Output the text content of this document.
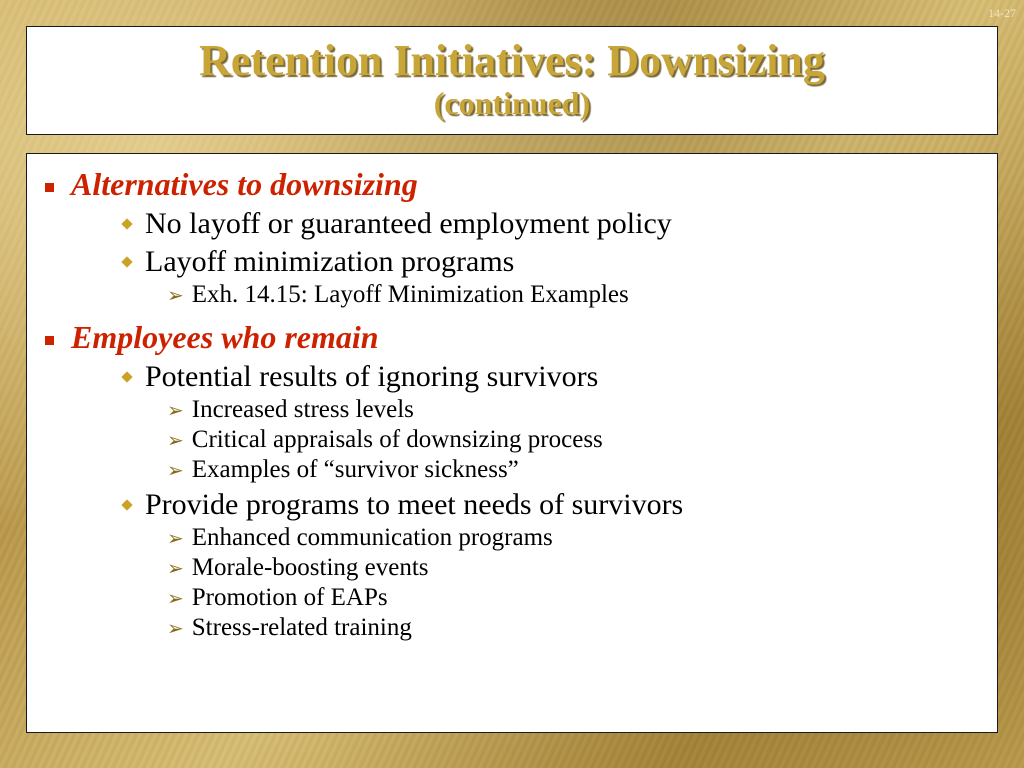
14-27
Retention Initiatives: Downsizing
(continued)
Alternatives to downsizing
No layoff or guaranteed employment policy
Layoff minimization programs
➢ Exh. 14.15: Layoff Minimization Examples
Employees who remain
Potential results of ignoring survivors
➢ Increased stress levels
➢ Critical appraisals of downsizing process
➢ Examples of “survivor sickness”
Provide programs to meet needs of survivors
➢ Enhanced communication programs
➢ Morale-boosting events
➢ Promotion of EAPs
➢ Stress-related training
